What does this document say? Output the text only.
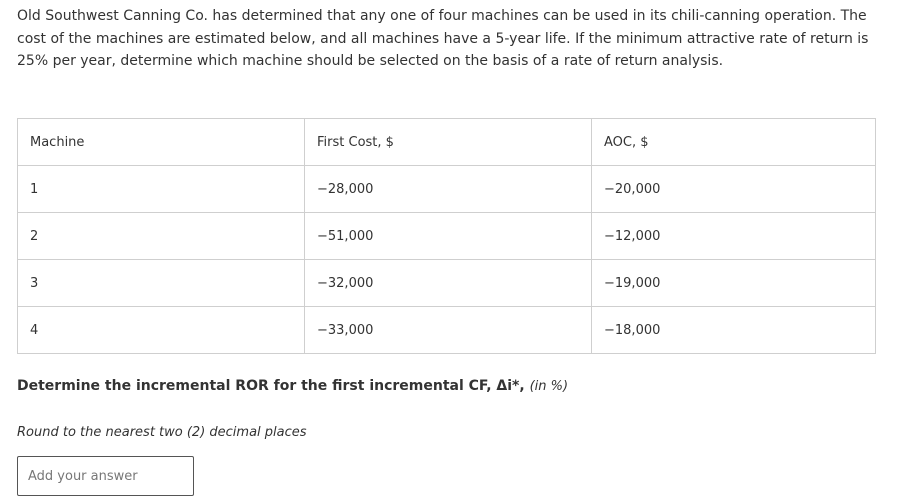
Old Southwest Canning Co. has determined that any one of four machines can be used in its chili-canning operation. The cost of the machines are estimated below, and all machines have a 5-year life. If the minimum attractive rate of return is 25% per year, determine which machine should be selected on the basis of a rate of return analysis.
Machine	First Cost, $	AOC, $
1	−28,000	−20,000
2	−51,000	−12,000
3	−32,000	−19,000
4	−33,000	−18,000
Determine the incremental ROR for the first incremental CF, Δi*, (in %)
Round to the nearest two (2) decimal places
Add your answer
